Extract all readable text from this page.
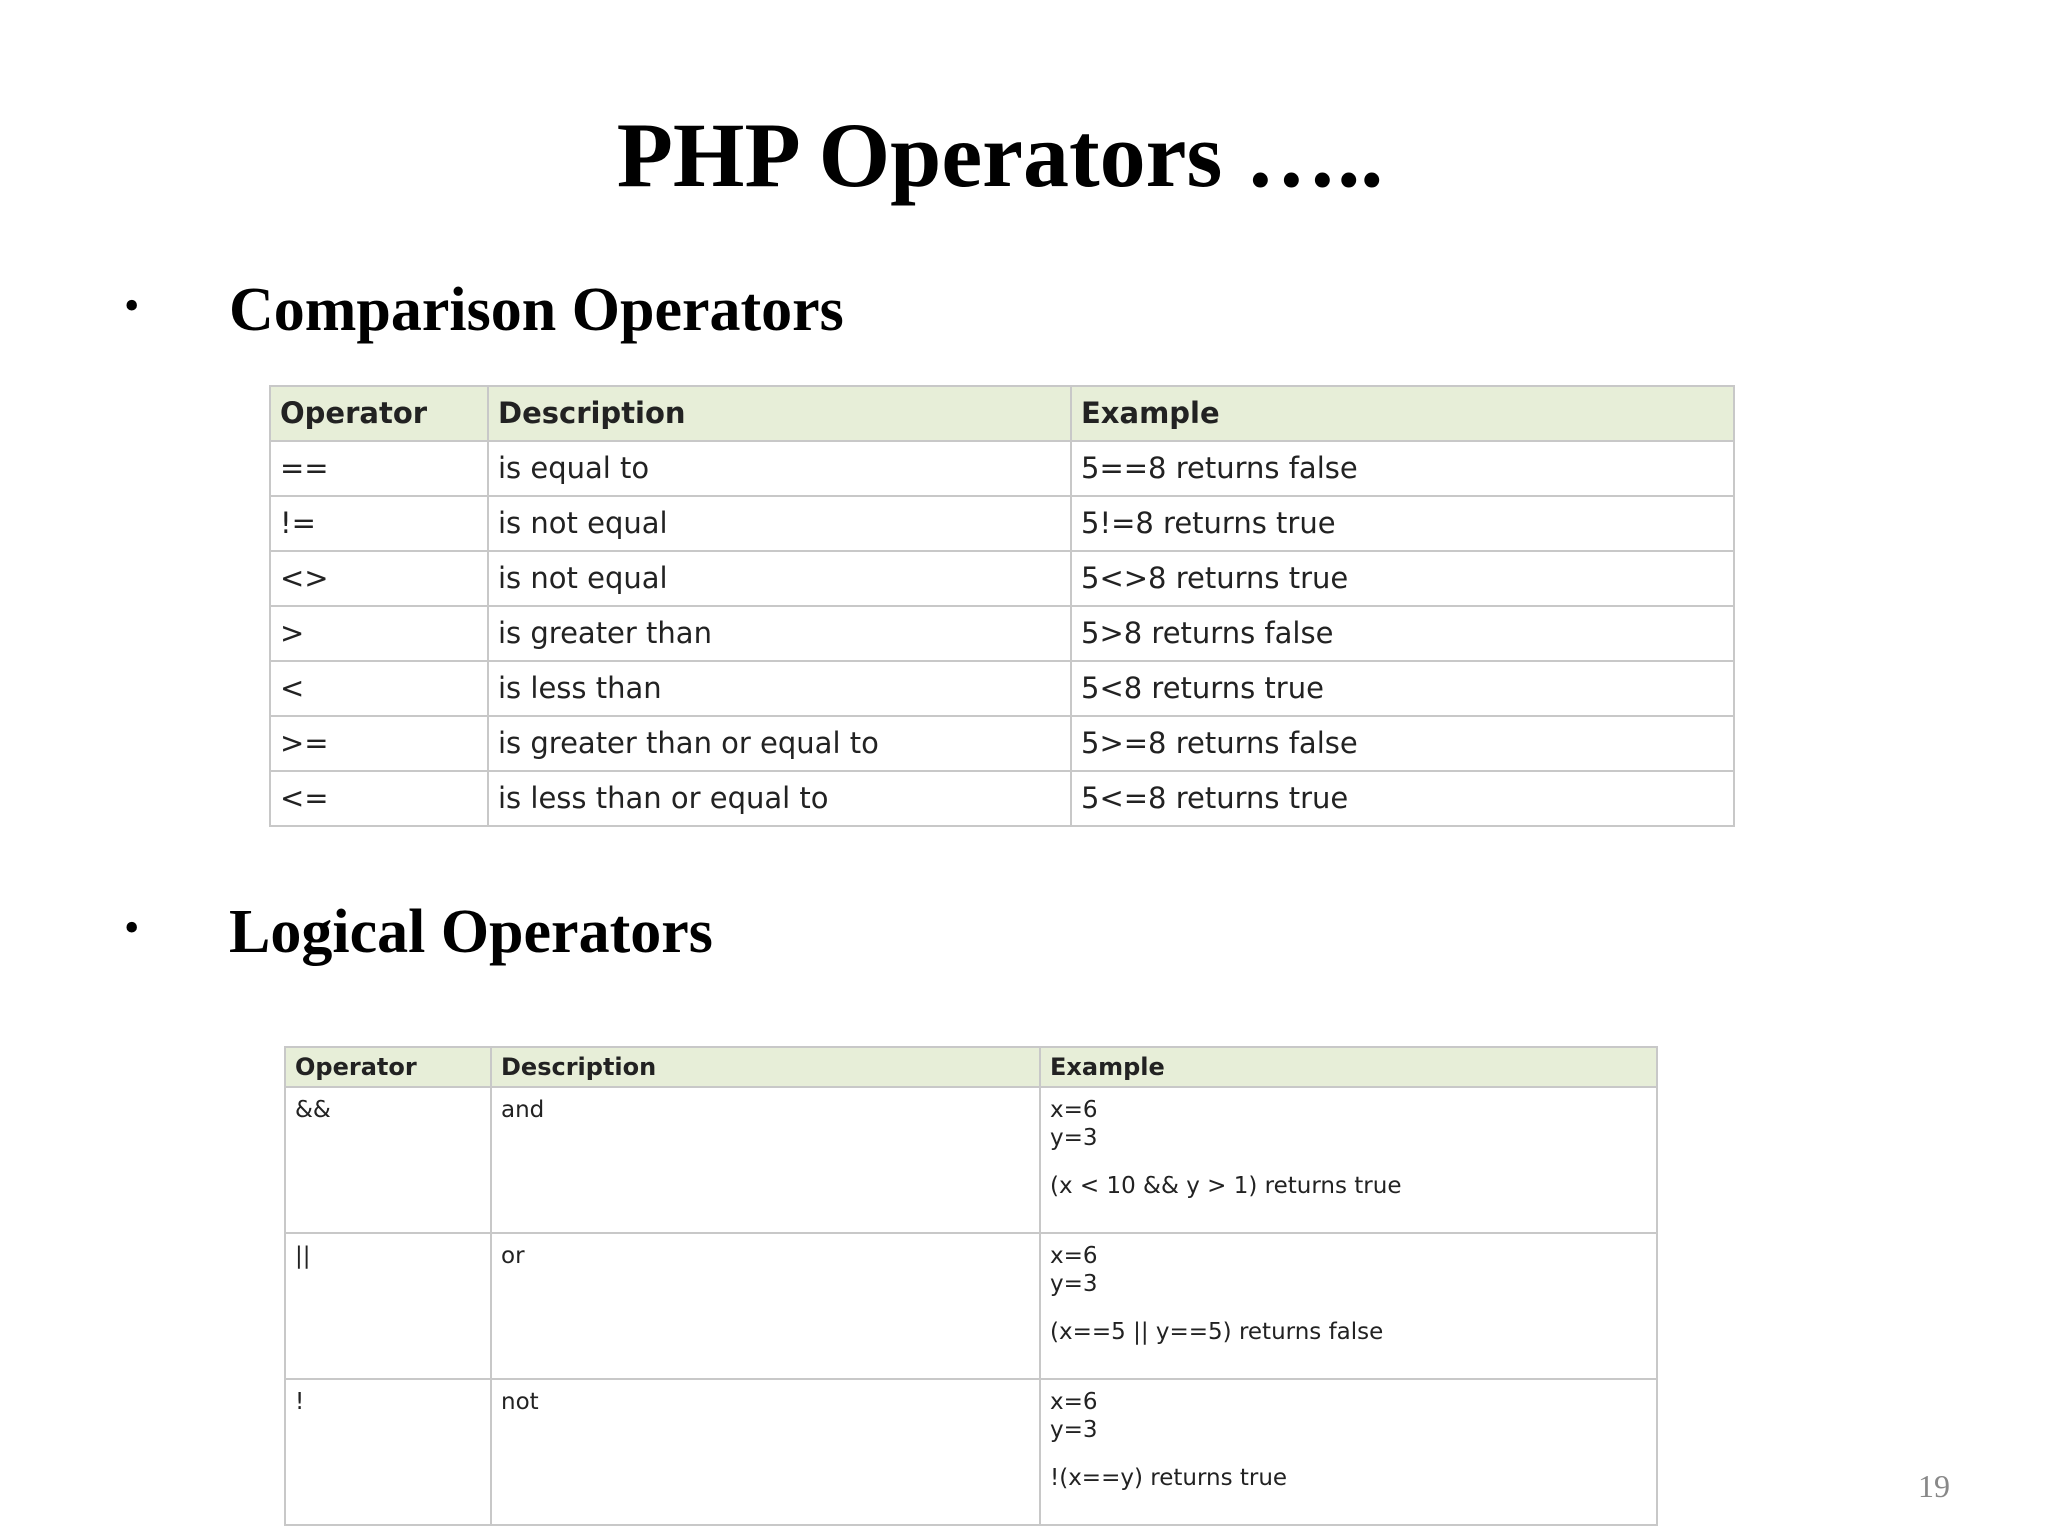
PHP Operators …..
• Comparison Operators
Operator	Description	Example
==	is equal to	5==8 returns false
!=	is not equal	5!=8 returns true
<>	is not equal	5<>8 returns true
>	is greater than	5>8 returns false
<	is less than	5<8 returns true
>=	is greater than or equal to	5>=8 returns false
<=	is less than or equal to	5<=8 returns true
• Logical Operators
Operator	Description	Example
&&	and	x=6
y=3
(x < 10 && y > 1) returns true

||	or	x=6
y=3
(x==5 || y==5) returns false

!	not	x=6
y=3
!(x==y) returns true	19
